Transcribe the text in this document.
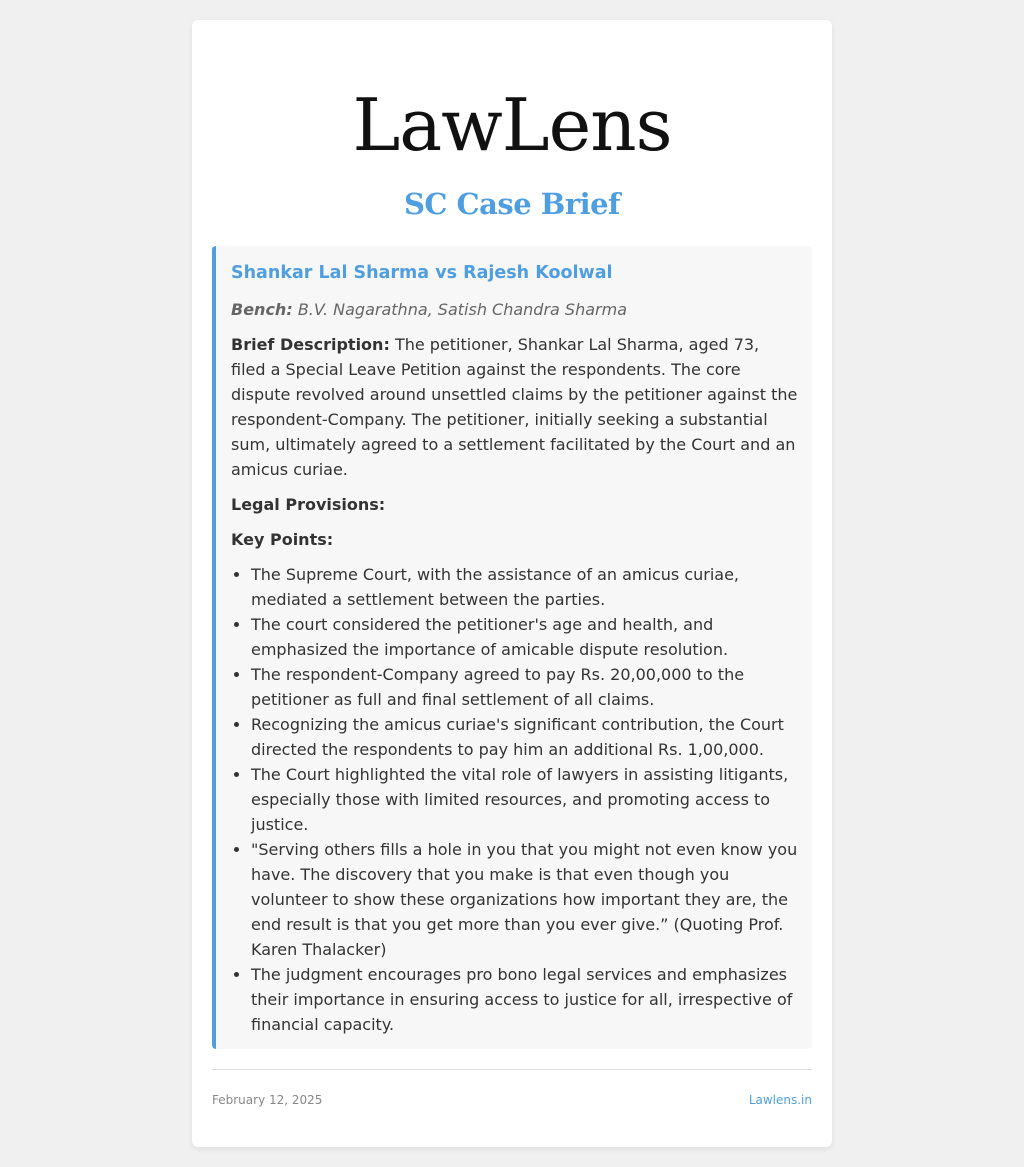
LawLens
SC Case Brief
Shankar Lal Sharma vs Rajesh Koolwal

Bench: B.V. Nagarathna, Satish Chandra Sharma

Brief Description: The petitioner, Shankar Lal Sharma, aged 73, filed a Special Leave Petition against the respondents. The core dispute revolved around unsettled claims by the petitioner against the respondent-Company. The petitioner, initially seeking a substantial sum, ultimately agreed to a settlement facilitated by the Court and an amicus curiae.

Legal Provisions:

Key Points:

• The Supreme Court, with the assistance of an amicus curiae, mediated a settlement between the parties.
• The court considered the petitioner's age and health, and emphasized the importance of amicable dispute resolution.
• The respondent-Company agreed to pay Rs. 20,00,000 to the petitioner as full and final settlement of all claims.
• Recognizing the amicus curiae's significant contribution, the Court directed the respondents to pay him an additional Rs. 1,00,000.
• The Court highlighted the vital role of lawyers in assisting litigants, especially those with limited resources, and promoting access to justice.
• "Serving others fills a hole in you that you might not even know you have. The discovery that you make is that even though you volunteer to show these organizations how important they are, the end result is that you get more than you ever give.” (Quoting Prof. Karen Thalacker)
• The judgment encourages pro bono legal services and emphasizes their importance in ensuring access to justice for all, irrespective of financial capacity.
February 12, 2025	Lawlens.in
